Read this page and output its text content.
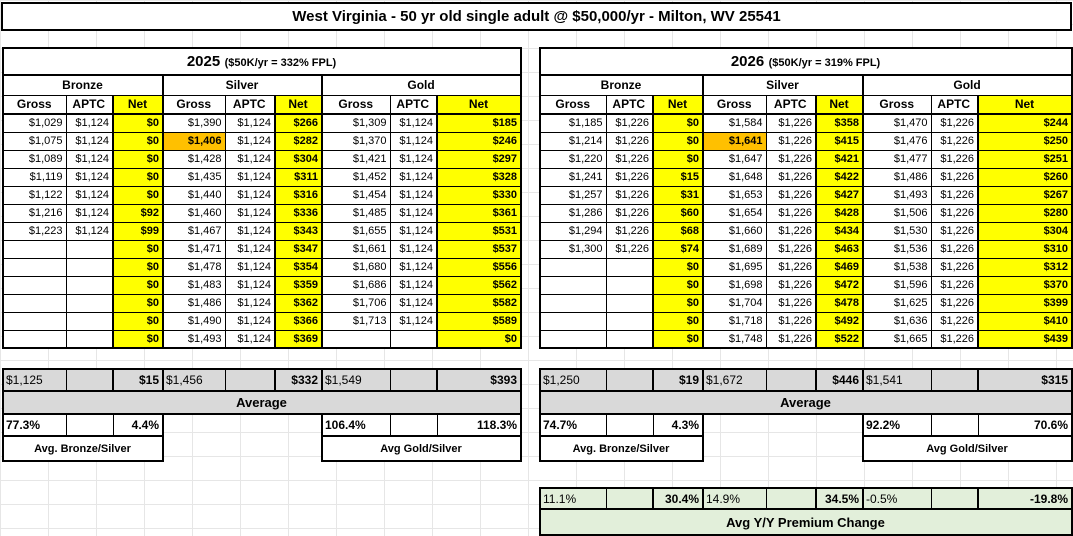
West Virginia - 50 yr old single adult @ $50,000/yr - Milton, WV 25541
2025 ($50K/yr = 332% FPL)								
Bronze			Silver			Gold		
Gross	APTC	Net	Gross	APTC	Net	Gross	APTC	Net
$1,029	$1,124	$0	$1,390	$1,124	$266	$1,309	$1,124	$185
$1,075	$1,124	$0	$1,406	$1,124	$282	$1,370	$1,124	$246
$1,089	$1,124	$0	$1,428	$1,124	$304	$1,421	$1,124	$297
$1,119	$1,124	$0	$1,435	$1,124	$311	$1,452	$1,124	$328
$1,122	$1,124	$0	$1,440	$1,124	$316	$1,454	$1,124	$330
$1,216	$1,124	$92	$1,460	$1,124	$336	$1,485	$1,124	$361
$1,223	$1,124	$99	$1,467	$1,124	$343	$1,655	$1,124	$531
		$0	$1,471	$1,124	$347	$1,661	$1,124	$537
		$0	$1,478	$1,124	$354	$1,680	$1,124	$556
		$0	$1,483	$1,124	$359	$1,686	$1,124	$562
		$0	$1,486	$1,124	$362	$1,706	$1,124	$582
		$0	$1,490	$1,124	$366	$1,713	$1,124	$589
		$0	$1,493	$1,124	$369			$0
2026 ($50K/yr = 319% FPL)								
Bronze			Silver			Gold		
Gross	APTC	Net	Gross	APTC	Net	Gross	APTC	Net
$1,185	$1,226	$0	$1,584	$1,226	$358	$1,470	$1,226	$244
$1,214	$1,226	$0	$1,641	$1,226	$415	$1,476	$1,226	$250
$1,220	$1,226	$0	$1,647	$1,226	$421	$1,477	$1,226	$251
$1,241	$1,226	$15	$1,648	$1,226	$422	$1,486	$1,226	$260
$1,257	$1,226	$31	$1,653	$1,226	$427	$1,493	$1,226	$267
$1,286	$1,226	$60	$1,654	$1,226	$428	$1,506	$1,226	$280
$1,294	$1,226	$68	$1,660	$1,226	$434	$1,530	$1,226	$304
$1,300	$1,226	$74	$1,689	$1,226	$463	$1,536	$1,226	$310
		$0	$1,695	$1,226	$469	$1,538	$1,226	$312
		$0	$1,698	$1,226	$472	$1,596	$1,226	$370
		$0	$1,704	$1,226	$478	$1,625	$1,226	$399
		$0	$1,718	$1,226	$492	$1,636	$1,226	$410
		$0	$1,748	$1,226	$522	$1,665	$1,226	$439
$1,125		$15	$1,456		$332	$1,549		$393
Average
$1,250		$19	$1,672		$446	$1,541		$315
Average
77.3%		4.4%
Avg. Bronze/Silver
106.4%		118.3%
Avg Gold/Silver
74.7%		4.3%
Avg. Bronze/Silver
92.2%		70.6%
Avg Gold/Silver
11.1%		30.4%	14.9%		34.5%	-0.5%		-19.8%
Avg Y/Y Premium Change
